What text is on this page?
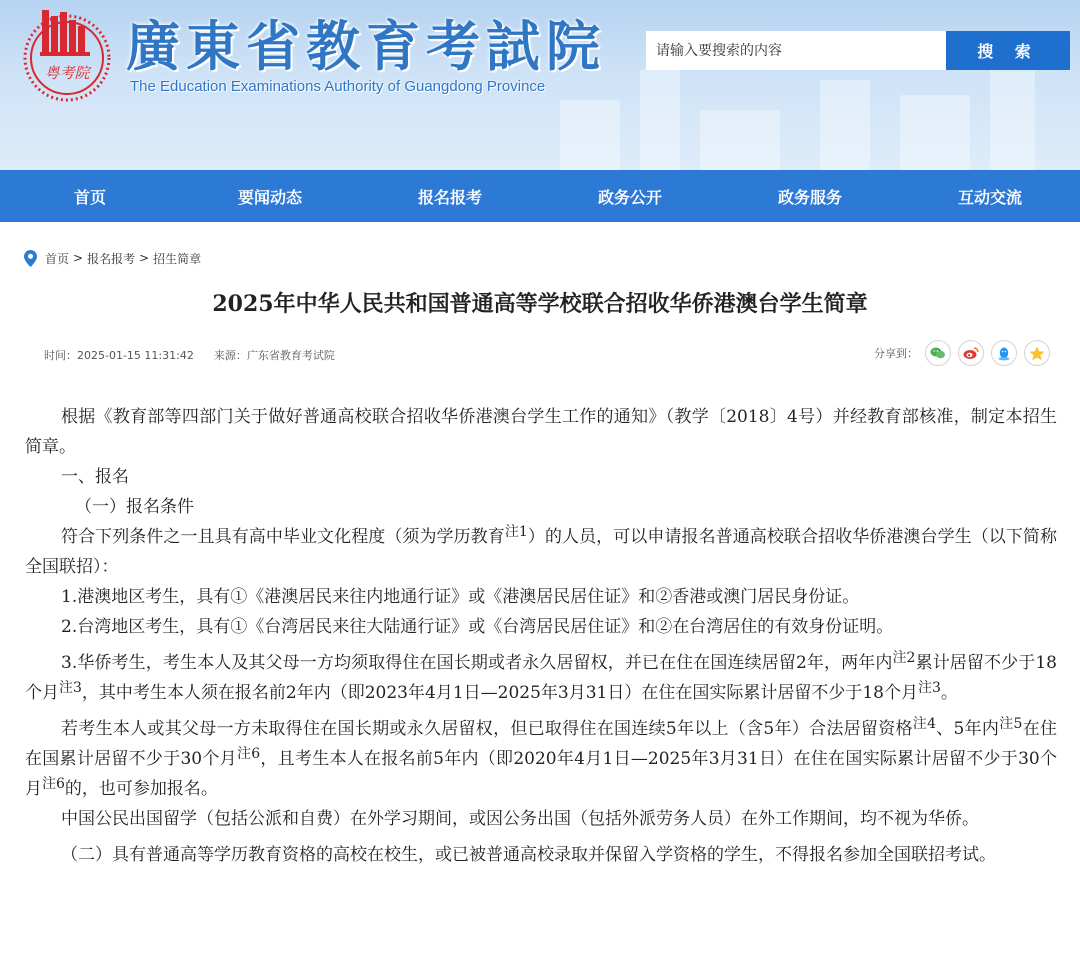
粤考院 廣東省教育考試院
The Education Examinations Authority of Guangdong Province
请输入要搜索的内容
搜 索
首页	要闻动态	报名报考	政务公开	政务服务	互动交流
首页 > 报名报考 > 招生简章
2025年中华人民共和国普通高等学校联合招收华侨港澳台学生简章
时间：2025-01-15 11:31:42 来源：广东省教育考试院	分享到：

根据《教育部等四部门关于做好普通高校联合招收华侨港澳台学生工作的通知》（教学〔2018〕4号）并经教育部核准，制定本招生简章。

一、报名

（一）报名条件

符合下列条件之一且具有高中毕业文化程度（须为学历教育$^{注1}$）的人员，可以申请报名普通高校联合招收华侨港澳台学生（以下简称全国联招）：

1.港澳地区考生，具有①《港澳居民来往内地通行证》或《港澳居民居住证》和②香港或澳门居民身份证。

2.台湾地区考生，具有①《台湾居民来往大陆通行证》或《台湾居民居住证》和②在台湾居住的有效身份证明。

3.华侨考生，考生本人及其父母一方均须取得住在国长期或者永久居留权，并已在住在国连续居留2年，两年内$^{注2}$累计居留不少于18个月$^{注3}$，其中考生本人须在报名前2年内（即2023年4月1日—2025年3月31日）在住在国实际累计居留不少于18个月$^{注3}$。

若考生本人或其父母一方未取得住在国长期或永久居留权，但已取得住在国连续5年以上（含5年）合法居留资格$^{注4}$、5年内$^{注5}$在住在国累计居留不少于30个月$^{注6}$，且考生本人在报名前5年内（即2020年4月1日—2025年3月31日）在住在国实际累计居留不少于30个月$^{注6}$的，也可参加报名。

中国公民出国留学（包括公派和自费）在外学习期间，或因公务出国（包括外派劳务人员）在外工作期间，均不视为华侨。

（二）具有普通高等学历教育资格的高校在校生，或已被普通高校录取并保留入学资格的学生，不得报名参加全国联招考试。
